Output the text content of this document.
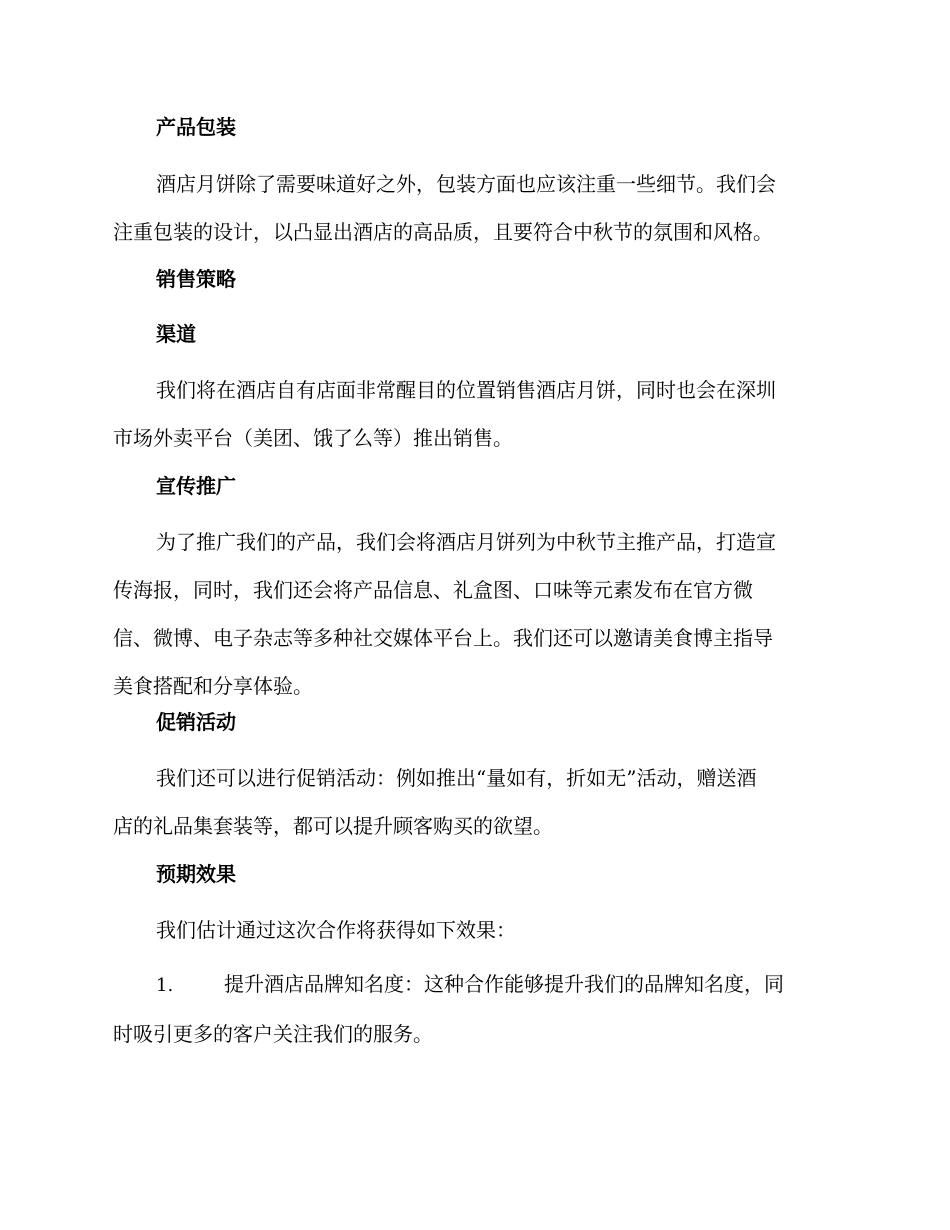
产品包装

酒店月饼除了需要味道好之外，包装方面也应该注重一些细节。我们会
注重包装的设计，以凸显出酒店的高品质，且要符合中秋节的氛围和风格。

销售策略
渠道

我们将在酒店自有店面非常醒目的位置销售酒店月饼，同时也会在深圳
市场外卖平台（美团、饿了么等）推出销售。

宣传推广

为了推广我们的产品，我们会将酒店月饼列为中秋节主推产品，打造宣
传海报，同时，我们还会将产品信息、礼盒图、口味等元素发布在官方微
信、微博、电子杂志等多种社交媒体平台上。我们还可以邀请美食博主指导
美食搭配和分享体验。

促销活动

我们还可以进行促销活动：例如推出“量如有，折如无”活动，赠送酒
店的礼品集套装等，都可以提升顾客购买的欲望。

预期效果

我们估计通过这次合作将获得如下效果：

1.	提升酒店品牌知名度：这种合作能够提升我们的品牌知名度，同
时吸引更多的客户关注我们的服务。
